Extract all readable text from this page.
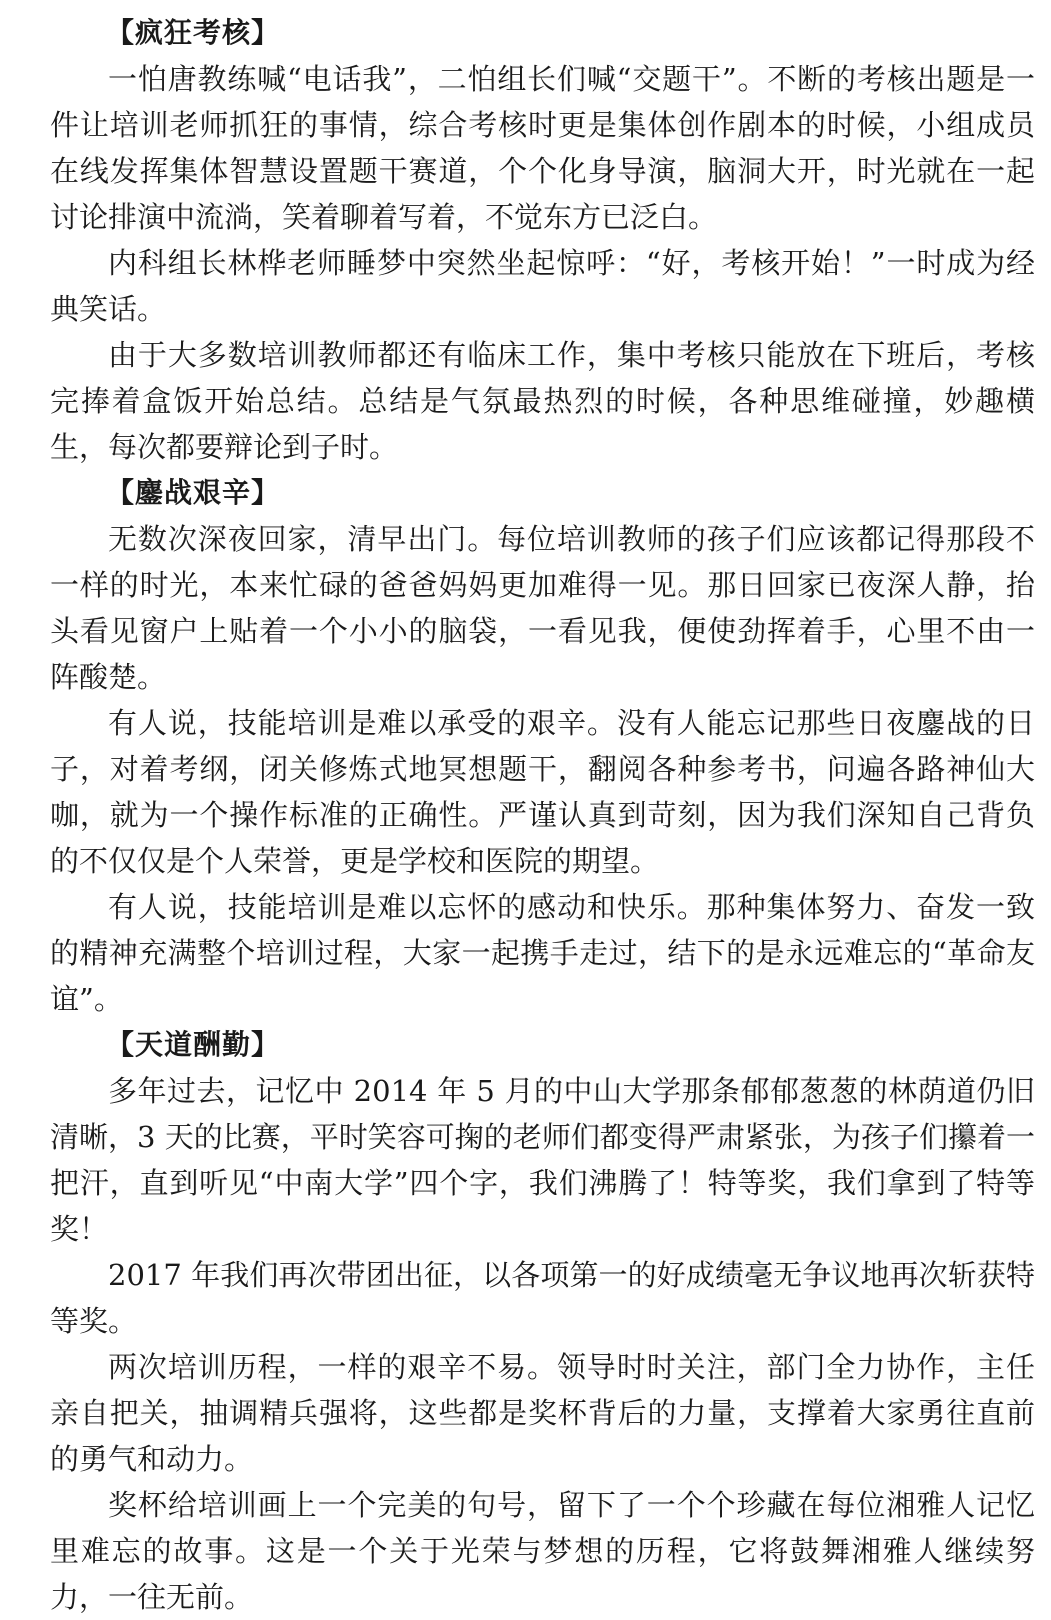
【疯狂考核】

一怕唐教练喊“电话我”，二怕组长们喊“交题干”。不断的考核出题是一件让培训老师抓狂的事情，综合考核时更是集体创作剧本的时候，小组成员在线发挥集体智慧设置题干赛道，个个化身导演，脑洞大开，时光就在一起讨论排演中流淌，笑着聊着写着，不觉东方已泛白。

内科组长林桦老师睡梦中突然坐起惊呼：“好，考核开始！”一时成为经典笑话。

由于大多数培训教师都还有临床工作，集中考核只能放在下班后，考核完捧着盒饭开始总结。总结是气氛最热烈的时候，各种思维碰撞，妙趣横生，每次都要辩论到子时。

【鏖战艰辛】

无数次深夜回家，清早出门。每位培训教师的孩子们应该都记得那段不一样的时光，本来忙碌的爸爸妈妈更加难得一见。那日回家已夜深人静，抬头看见窗户上贴着一个小小的脑袋，一看见我，便使劲挥着手，心里不由一阵酸楚。

有人说，技能培训是难以承受的艰辛。没有人能忘记那些日夜鏖战的日子，对着考纲，闭关修炼式地冥想题干，翻阅各种参考书，问遍各路神仙大咖，就为一个操作标准的正确性。严谨认真到苛刻，因为我们深知自己背负的不仅仅是个人荣誉，更是学校和医院的期望。

有人说，技能培训是难以忘怀的感动和快乐。那种集体努力、奋发一致的精神充满整个培训过程，大家一起携手走过，结下的是永远难忘的“革命友谊”。

【天道酬勤】

多年过去，记忆中 2014 年 5 月的中山大学那条郁郁葱葱的林荫道仍旧清晰，3 天的比赛，平时笑容可掬的老师们都变得严肃紧张，为孩子们攥着一把汗，直到听见“中南大学”四个字，我们沸腾了！特等奖，我们拿到了特等奖！

2017 年我们再次带团出征，以各项第一的好成绩毫无争议地再次斩获特等奖。

两次培训历程，一样的艰辛不易。领导时时关注，部门全力协作，主任亲自把关，抽调精兵强将，这些都是奖杯背后的力量，支撑着大家勇往直前的勇气和动力。

奖杯给培训画上一个完美的句号，留下了一个个珍藏在每位湘雅人记忆里难忘的故事。这是一个关于光荣与梦想的历程，它将鼓舞湘雅人继续努力，一往无前。
